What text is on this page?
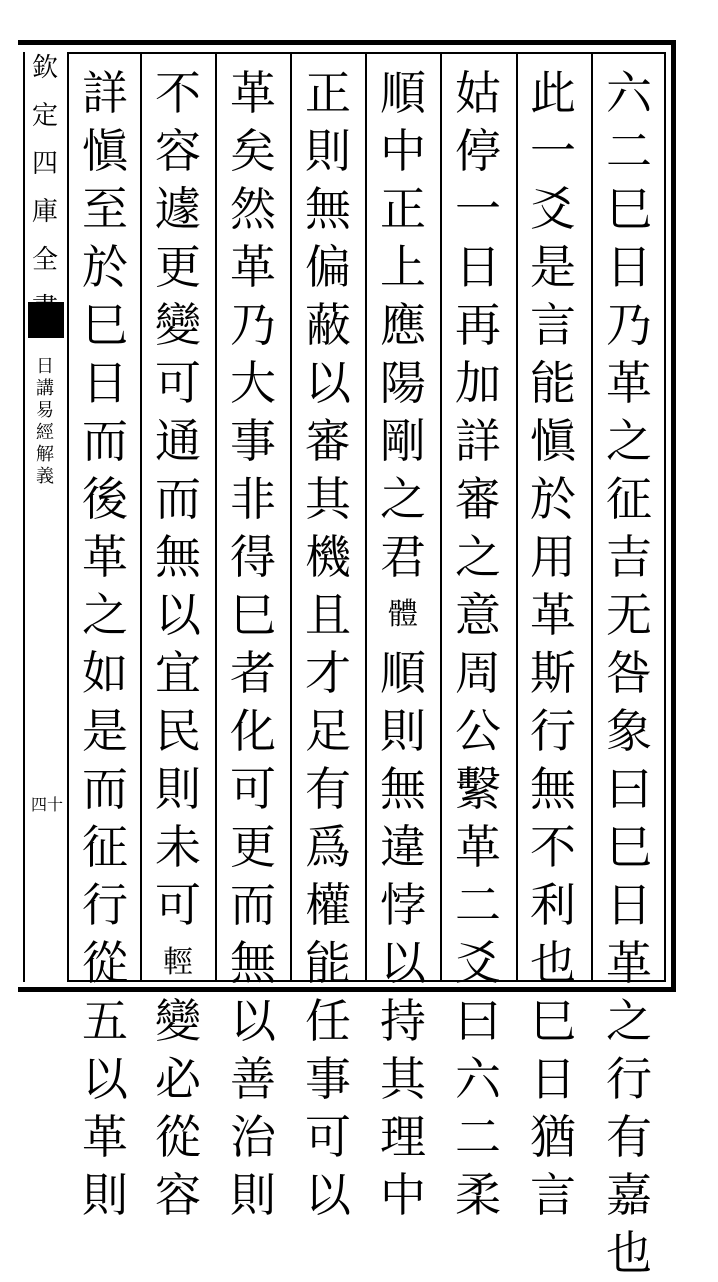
欽
定
四
庫
全
日
講
易
經
解
義
四十
六
二
巳
日
乃
革
之
征
吉
无
咎
象
曰
巳
日
革
之
行
有
嘉
也
此
一
爻
是
言
能
愼
於
用
革
斯
行
無
不
利
也
巳
日
猶
言
姑
停
一
日
再
加
詳
審
之
意
周
公
繫
革
二
爻
曰
六
二
柔
順
中
正
上
應
陽
剛
之
君
體
順
則
無
違
悖
以
持
其
理
中
正
則
無
偏
蔽
以
審
其
機
且
才
足
有
爲
權
能
任
事
可
以
革
矣
然
革
乃
大
事
非
得
巳
者
化
可
更
而
無
以
善
治
則
不
容
遽
更
變
可
通
而
無
以
宜
民
則
未
可
輕
變
必
從
容
詳
愼
至
於
巳
日
而
後
革
之
如
是
而
征
行
從
五
以
革
則
